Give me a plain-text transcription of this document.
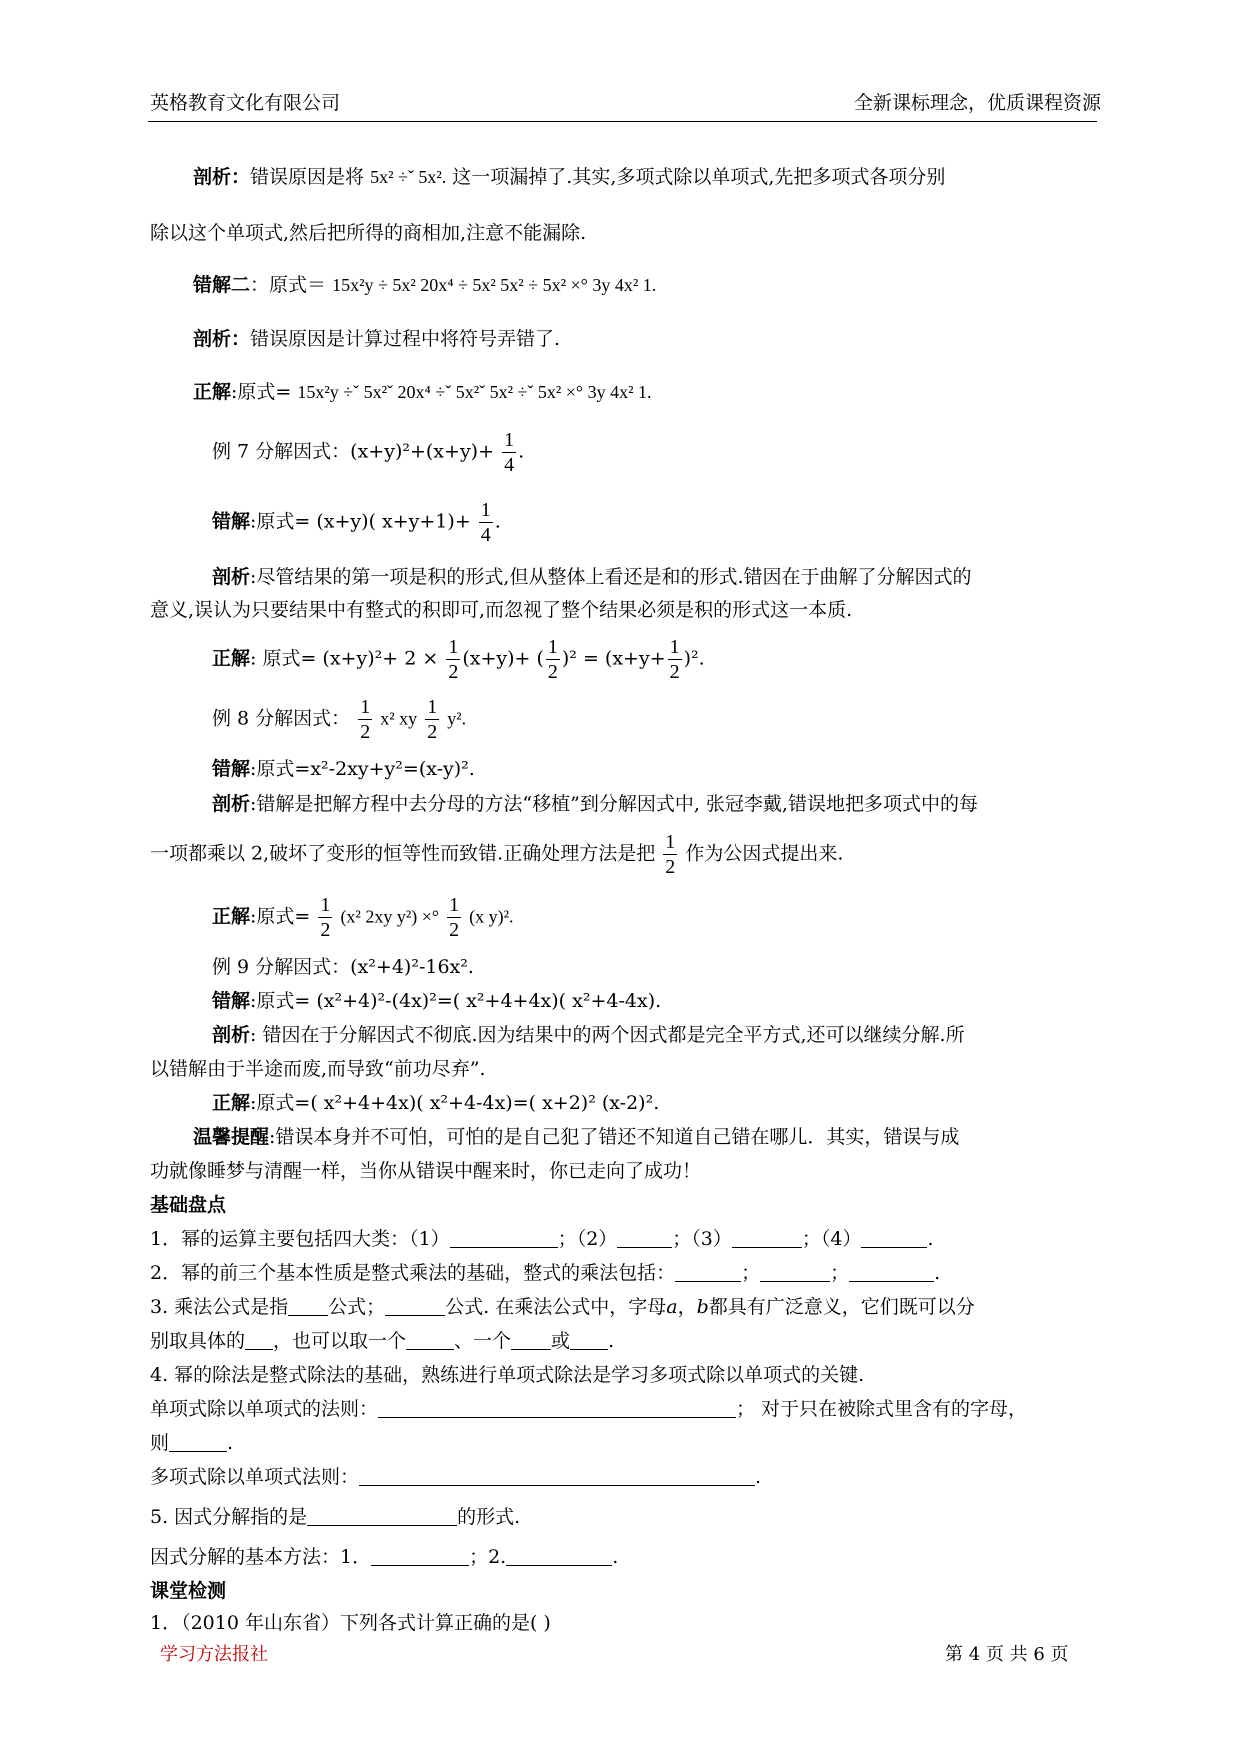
英格教育文化有限公司	全新课标理念，优质课程资源
剖析：错误原因是将 5x² ÷ˇ 5x². 这一项漏掉了.其实,多项式除以单项式,先把多项式各项分别
除以这个单项式,然后把所得的商相加,注意不能漏除.
错解二：原式＝ 15x²y ÷ 5x² 20x⁴ ÷ 5x² 5x² ÷ 5x² ×° 3y 4x² 1.
剖析：错误原因是计算过程中将符号弄错了.
正解:原式= 15x²y ÷ˇ 5x²ˇ 20x⁴ ÷ˇ 5x²ˇ 5x² ÷ˇ 5x² ×° 3y 4x² 1.
例 7 分解因式：$(x+y)^2+(x+y)+ \frac{1}{4}$ .
错解:原式= (x+y)( $x+y+1)+ \frac{1}{4}$ .
剖析:尽管结果的第一项是积的形式,但从整体上看还是和的形式.错因在于曲解了分解因式的
意义,误认为只要结果中有整式的积即可,而忽视了整个结果必须是积的形式这一本质.
正解: 原式= $(x+y)^2+ 2 \times \frac{1}{2} (x+y)+$ ( $\frac{1}{2} )^2 = (x+y+ \frac{1}{2} )^2$.
例 8 分解因式： $\frac{1}{2} x^2$ xy $\frac{1}{2} y^2$.
错解:原式=x²-2xy+y²=(x-y)².
剖析:错解是把解方程中去分母的方法“移植”到分解因式中, 张冠李戴,错误地把多项式中的每
一项都乘以 2,破坏了变形的恒等性而致错.正确处理方法是把 $\frac{1}{2}$ 作为公因式提出来.
正解:原式= $\frac{1}{2} (x^2$ 2xy y²) ×° $\frac{1}{2} (x$ y)².
例 9 分解因式：(x²+4)²-16x².
错解:原式= (x²+4)²-(4x)²=( x²+4+4x)( x²+4-4x).
剖析: 错因在于分解因式不彻底.因为结果中的两个因式都是完全平方式,还可以继续分解.所
以错解由于半途而废,而导致“前功尽弃”.
正解:原式=( x²+4+4x)( x²+4-4x)=( x+2)² (x-2)².
温馨提醒:错误本身并不可怕，可怕的是自己犯了错还不知道自己错在哪儿．其实，错误与成
功就像睡梦与清醒一样，当你从错误中醒来时，你已走向了成功！
基础盘点
1．幂的运算主要包括四大类：（1）	；（2）	；（3）	；（4）	.
2．幂的前三个基本性质是整式乘法的基础，整式的乘法包括：	；	；	.
3. 乘法公式是指 公式；	公式. 在乘法公式中，字母a，b都具有广泛意义，它们既可以分
别取具体的 ，也可以取一个	、一个 或 .
4. 幂的除法是整式除法的基础，熟练进行单项式除法是学习多项式除以单项式的关键.
单项式除以单项式的法则：	； 对于只在被除式里含有的字母，
则	.
多项式除以单项式法则：	.
5. 因式分解指的是	的形式.
因式分解的基本方法：1．	；2.	.
课堂检测
1．（2010 年山东省）下列各式计算正确的是( )
学习方法报社	第 4 页 共 6 页
